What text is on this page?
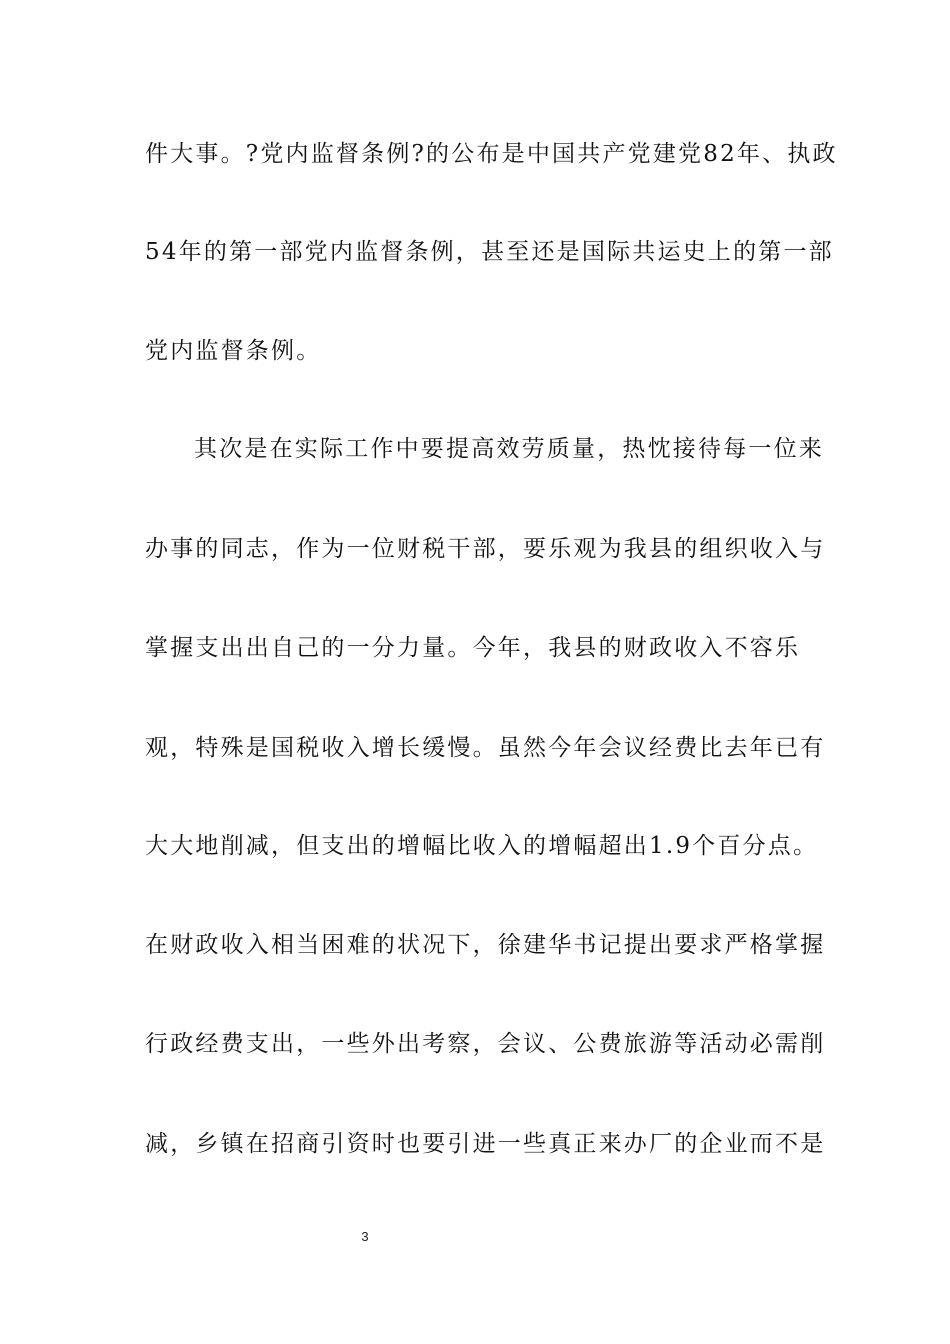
件大事。?党内监督条例?的公布是中国共产党建党82年、执政
54年的第一部党内监督条例，甚至还是国际共运史上的第一部
党内监督条例。
其次是在实际工作中要提高效劳质量，热忱接待每一位来
办事的同志，作为一位财税干部，要乐观为我县的组织收入与
掌握支出出自己的一分力量。今年，我县的财政收入不容乐
观，特殊是国税收入增长缓慢。虽然今年会议经费比去年已有
大大地削减，但支出的增幅比收入的增幅超出1.9个百分点。
在财政收入相当困难的状况下，徐建华书记提出要求严格掌握
行政经费支出，一些外出考察，会议、公费旅游等活动必需削
减，乡镇在招商引资时也要引进一些真正来办厂的企业而不是
3
